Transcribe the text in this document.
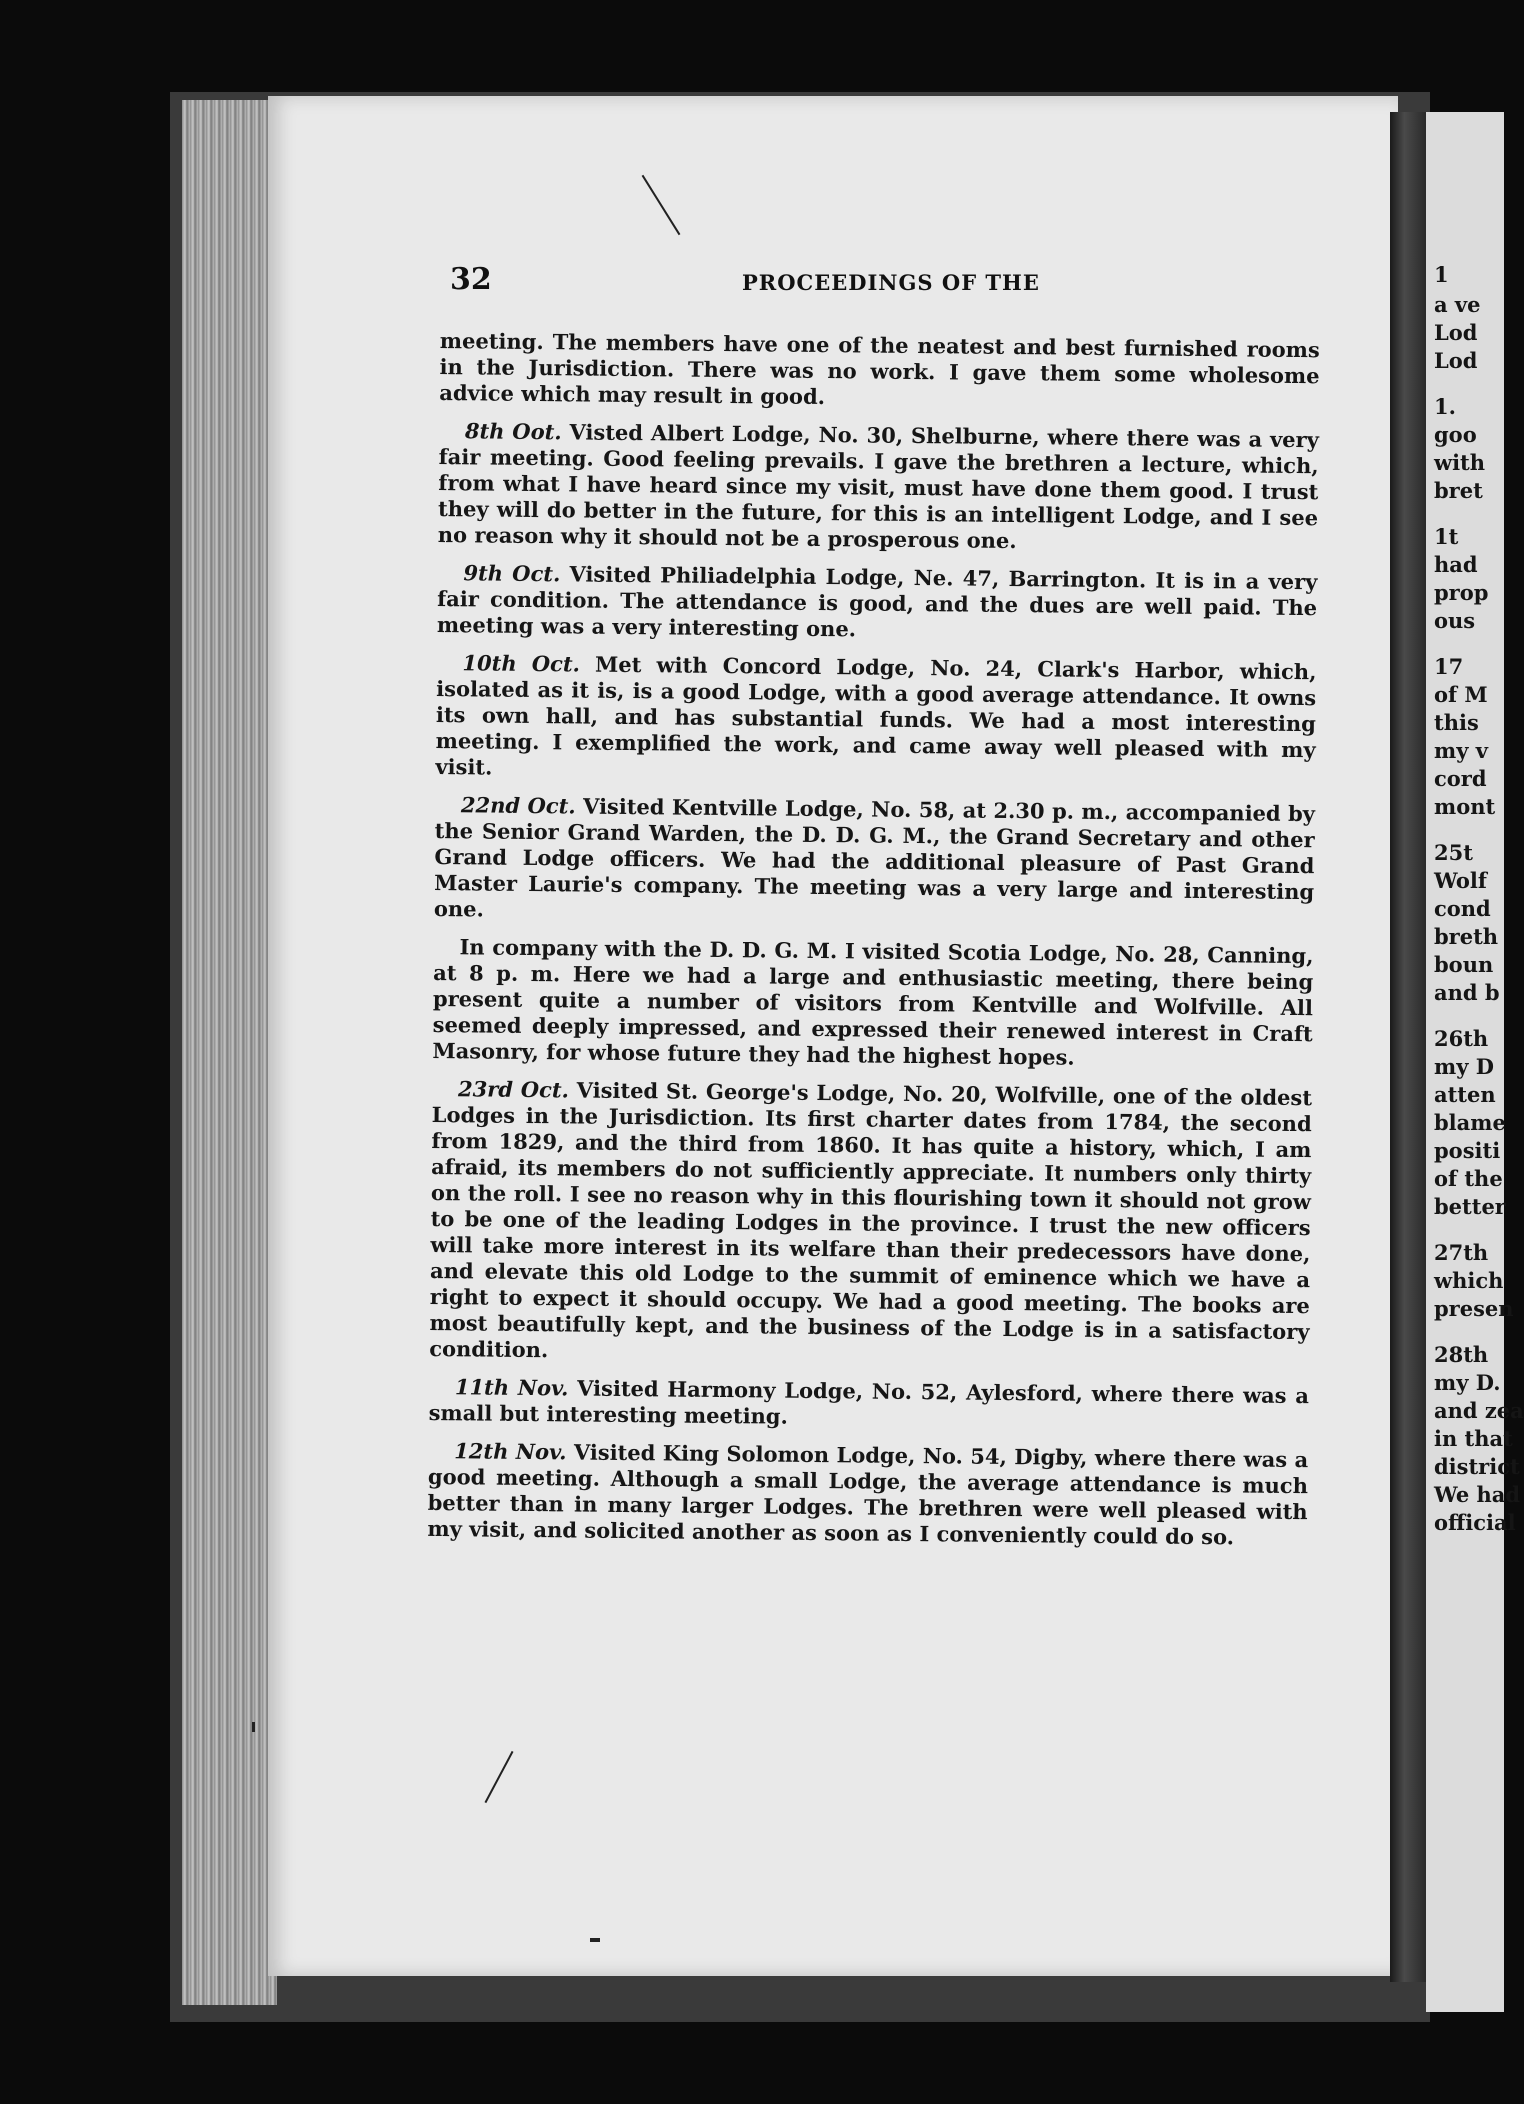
1
a ve
Lod
Lod
1.
goo
with
bret
1t
had
prop
ous
17
of M
this
my v
cord
mont
25t
Wolf
cond
breth
boun
and b
26th
my D
atten
blame
positi
of the
better
27th
which
presen
28th
my D.
and zea
in that
district
We had
official
32	PROCEEDINGS OF THE

meeting. The members have one of the neatest and best furnished rooms in the Jurisdiction. There was no work. I gave them some wholesome advice which may result in good.

8th Oot. Visted Albert Lodge, No. 30, Shelburne, where there was a very fair meeting. Good feeling prevails. I gave the brethren a lecture, which, from what I have heard since my visit, must have done them good. I trust they will do better in the future, for this is an intelligent Lodge, and I see no reason why it should not be a prosperous one.

9th Oct. Visited Philiadelphia Lodge, Ne. 47, Barrington. It is in a very fair condition. The attendance is good, and the dues are well paid. The meeting was a very interesting one.

10th Oct. Met with Concord Lodge, No. 24, Clark's Harbor, which, isolated as it is, is a good Lodge, with a good average attendance. It owns its own hall, and has substantial funds. We had a most interesting meeting. I exemplified the work, and came away well pleased with my visit.

22nd Oct. Visited Kentville Lodge, No. 58, at 2.30 p. m., accompanied by the Senior Grand Warden, the D. D. G. M., the Grand Secretary and other Grand Lodge officers. We had the additional pleasure of Past Grand Master Laurie's company. The meeting was a very large and interesting one.

In company with the D. D. G. M. I visited Scotia Lodge, No. 28, Canning, at 8 p. m. Here we had a large and enthusiastic meeting, there being present quite a number of visitors from Kentville and Wolfville. All seemed deeply impressed, and expressed their renewed interest in Craft Masonry, for whose future they had the highest hopes.

23rd Oct. Visited St. George's Lodge, No. 20, Wolfville, one of the oldest Lodges in the Jurisdiction. Its first charter dates from 1784, the second from 1829, and the third from 1860. It has quite a history, which, I am afraid, its members do not sufficiently appreciate. It numbers only thirty on the roll. I see no reason why in this flourishing town it should not grow to be one of the leading Lodges in the province. I trust the new officers will take more interest in its welfare than their predecessors have done, and elevate this old Lodge to the summit of eminence which we have a right to expect it should occupy. We had a good meeting. The books are most beautifully kept, and the business of the Lodge is in a satisfactory condition.

11th Nov. Visited Harmony Lodge, No. 52, Aylesford, where there was a small but interesting meeting.

12th Nov. Visited King Solomon Lodge, No. 54, Digby, where there was a good meeting. Although a small Lodge, the average attendance is much better than in many larger Lodges. The brethren were well pleased with my visit, and solicited another as soon as I conveniently could do so.
